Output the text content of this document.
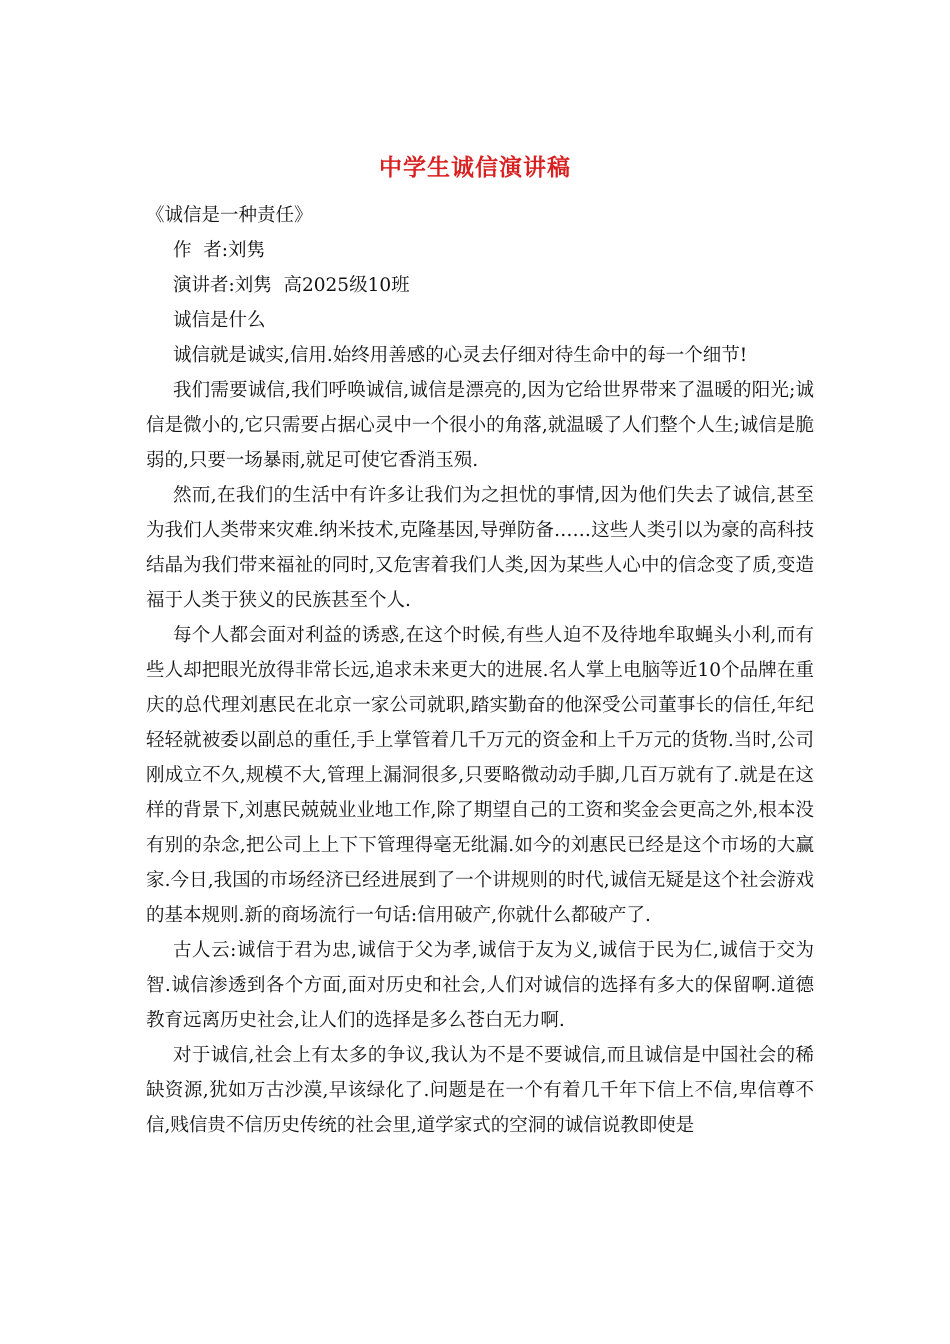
中学生诚信演讲稿

《诚信是一种责任》

作  者:刘隽

演讲者:刘隽  高2025级10班

诚信是什么

诚信就是诚实,信用.始终用善感的心灵去仔细对待生命中的每一个细节!

我们需要诚信,我们呼唤诚信,诚信是漂亮的,因为它给世界带来了温暖的阳光;诚信是微小的,它只需要占据心灵中一个很小的角落,就温暖了人们整个人生;诚信是脆弱的,只要一场暴雨,就足可使它香消玉殒.

然而,在我们的生活中有许多让我们为之担忧的事情,因为他们失去了诚信,甚至为我们人类带来灾难.纳米技术,克隆基因,导弹防备……这些人类引以为豪的高科技结晶为我们带来福祉的同时,又危害着我们人类,因为某些人心中的信念变了质,变造福于人类于狭义的民族甚至个人.

每个人都会面对利益的诱惑,在这个时候,有些人迫不及待地牟取蝇头小利,而有些人却把眼光放得非常长远,追求未来更大的进展.名人掌上电脑等近10个品牌在重庆的总代理刘惠民在北京一家公司就职,踏实勤奋的他深受公司董事长的信任,年纪轻轻就被委以副总的重任,手上掌管着几千万元的资金和上千万元的货物.当时,公司刚成立不久,规模不大,管理上漏洞很多,只要略微动动手脚,几百万就有了.就是在这样的背景下,刘惠民兢兢业业地工作,除了期望自己的工资和奖金会更高之外,根本没有别的杂念,把公司上上下下管理得毫无纰漏.如今的刘惠民已经是这个市场的大赢家.今日,我国的市场经济已经进展到了一个讲规则的时代,诚信无疑是这个社会游戏的基本规则.新的商场流行一句话:信用破产,你就什么都破产了.

古人云:诚信于君为忠,诚信于父为孝,诚信于友为义,诚信于民为仁,诚信于交为智.诚信渗透到各个方面,面对历史和社会,人们对诚信的选择有多大的保留啊.道德教育远离历史社会,让人们的选择是多么苍白无力啊.

对于诚信,社会上有太多的争议,我认为不是不要诚信,而且诚信是中国社会的稀缺资源,犹如万古沙漠,早该绿化了.问题是在一个有着几千年下信上不信,卑信尊不信,贱信贵不信历史传统的社会里,道学家式的空洞的诚信说教即使是
